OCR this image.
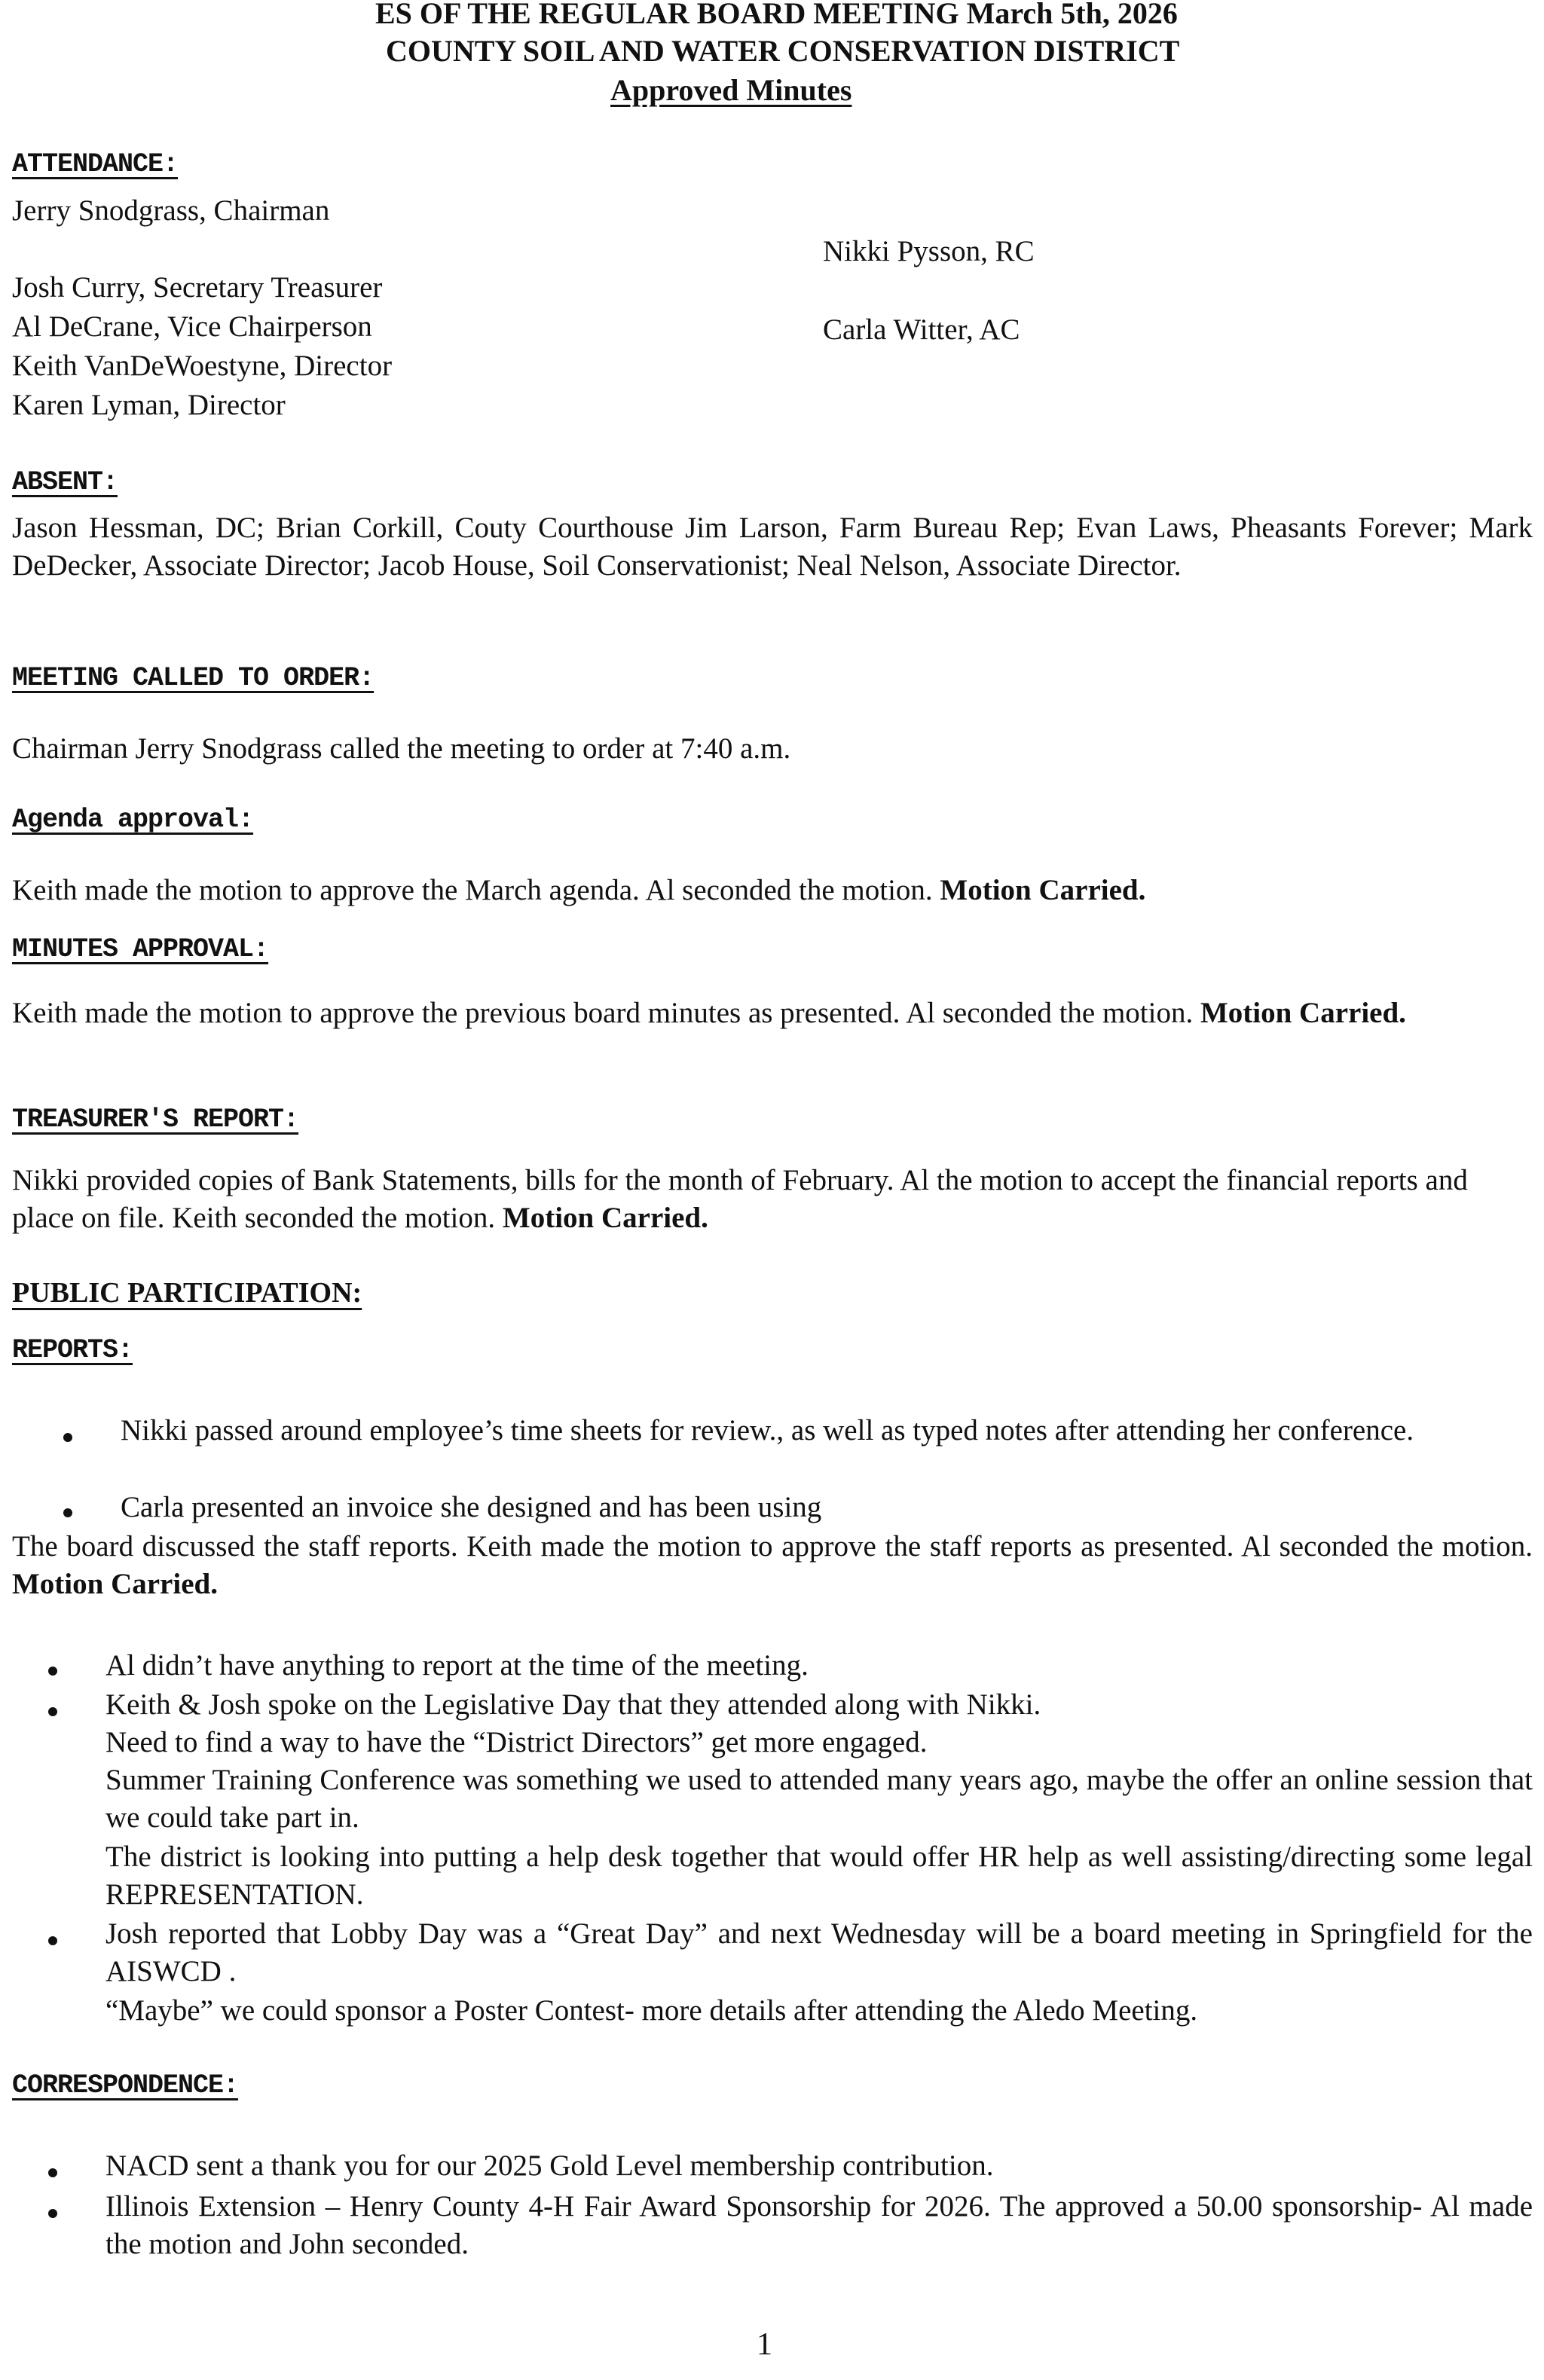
ES OF THE REGULAR BOARD MEETING March 5th, 2026
COUNTY SOIL AND WATER CONSERVATION DISTRICT
Approved Minutes
ATTENDANCE:
Jerry Snodgrass, Chairman
Josh Curry, Secretary Treasurer
Al DeCrane, Vice Chairperson
Keith VanDeWoestyne, Director
Karen Lyman, Director
Nikki Pysson, RC
Carla Witter, AC
ABSENT:
Jason Hessman, DC; Brian Corkill, Couty Courthouse Jim Larson, Farm Bureau Rep; Evan Laws, Pheasants Forever; Mark DeDecker, Associate Director; Jacob House, Soil Conservationist; Neal Nelson, Associate Director.
MEETING CALLED TO ORDER:
Chairman Jerry Snodgrass called the meeting to order at 7:40 a.m.
Agenda approval:
Keith made the motion to approve the March agenda. Al seconded the motion. Motion Carried.
MINUTES APPROVAL:
Keith made the motion to approve the previous board minutes as presented. Al seconded the motion. Motion Carried.
TREASURER'S REPORT:
Nikki provided copies of Bank Statements, bills for the month of February. Al the motion to accept the financial reports and place on file. Keith seconded the motion. Motion Carried.
PUBLIC PARTICIPATION:
REPORTS:
Nikki passed around employee’s time sheets for review., as well as typed notes after attending her conference.
Carla presented an invoice she designed and has been using
The board discussed the staff reports. Keith made the motion to approve the staff reports as presented. Al seconded the motion. Motion Carried.
Al didn’t have anything to report at the time of the meeting.
Keith & Josh spoke on the Legislative Day that they attended along with Nikki.
Need to find a way to have the “District Directors” get more engaged.
Summer Training Conference was something we used to attended many years ago, maybe the offer an online session that we could take part in.
The district is looking into putting a help desk together that would offer HR help as well assisting/directing some legal REPRESENTATION.
Josh reported that Lobby Day was a “Great Day” and next Wednesday will be a board meeting in Springfield for the AISWCD .
“Maybe” we could sponsor a Poster Contest- more details after attending the Aledo Meeting.
CORRESPONDENCE:
NACD sent a thank you for our 2025 Gold Level membership contribution.
Illinois Extension – Henry County 4-H Fair Award Sponsorship for 2026. The approved a 50.00 sponsorship- Al made the motion and John seconded.
1
